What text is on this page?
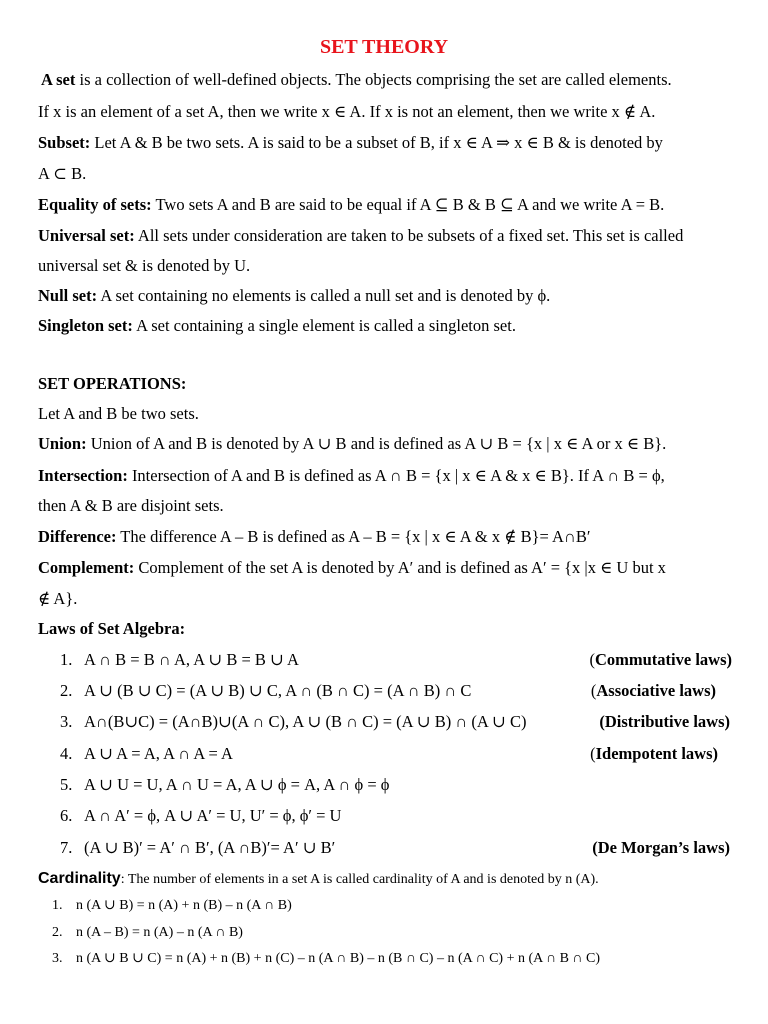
SET THEORY

A set is a collection of well-defined objects. The objects comprising the set are called elements.

If x is an element of a set A, then we write x ∈ A. If x is not an element, then we write x ∉ A.

Subset: Let A & B be two sets. A is said to be a subset of B, if x ∈ A ⇒ x ∈ B & is denoted by

A ⊂ B.

Equality of sets: Two sets A and B are said to be equal if A ⊆ B & B ⊆ A and we write A = B.

Universal set: All sets under consideration are taken to be subsets of a fixed set. This set is called

universal set & is denoted by U.

Null set: A set containing no elements is called a null set and is denoted by ϕ.

Singleton set: A set containing a single element is called a singleton set.

SET OPERATIONS:

Let A and B be two sets.

Union: Union of A and B is denoted by A ∪ B and is defined as A ∪ B = {x | x ∈ A or x ∈ B}.

Intersection: Intersection of A and B is defined as A ∩ B = {x | x ∈ A & x ∈ B}. If A ∩ B = ϕ,

then A & B are disjoint sets.

Difference: The difference A – B is defined as A – B = {x | x ∈ A & x ∉ B}= A∩B′

Complement: Complement of the set A is denoted by A′ and is defined as A′ = {x |x ∈ U but x

∉ A}.

Laws of Set Algebra:

1. A ∩ B = B ∩ A, A ∪ B = B ∪ A	(Commutative laws)
2. A ∪ (B ∪ C) = (A ∪ B) ∪ C, A ∩ (B ∩ C) = (A ∩ B) ∩ C	(Associative laws)
3. A∩(B∪C) = (A∩B)∪(A ∩ C), A ∪ (B ∩ C) = (A ∪ B) ∩ (A ∪ C)	(Distributive laws)
4. A ∪ A = A, A ∩ A = A	(Idempotent laws)
5. A ∪ U = U, A ∩ U = A, A ∪ ϕ = A, A ∩ ϕ = ϕ
6. A ∩ A′ = ϕ, A ∪ A′ = U, U′ = ϕ, ϕ′ = U
7. (A ∪ B)′ = A′ ∩ B′, (A ∩B)′= A′ ∪ B′	(De Morgan’s laws)

Cardinality: The number of elements in a set A is called cardinality of A and is denoted by n (A).

1. n (A ∪ B) = n (A) + n (B) – n (A ∩ B)
2. n (A – B) = n (A) – n (A ∩ B)
3. n (A ∪ B ∪ C) = n (A) + n (B) + n (C) – n (A ∩ B) – n (B ∩ C) – n (A ∩ C) + n (A ∩ B ∩ C)
